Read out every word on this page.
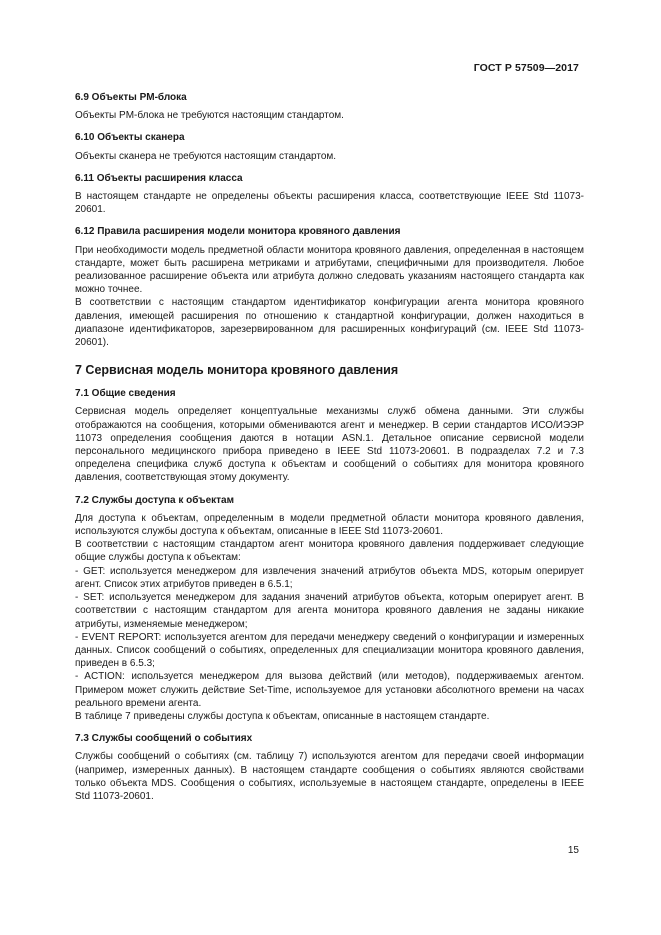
ГОСТ Р 57509—2017
6.9 Объекты PM-блока

Объекты PM-блока не требуются настоящим стандартом.

6.10 Объекты сканера

Объекты сканера не требуются настоящим стандартом.

6.11 Объекты расширения класса

В настоящем стандарте не определены объекты расширения класса, соответствующие IEEE Std 11073-20601.

6.12 Правила расширения модели монитора кровяного давления

При необходимости модель предметной области монитора кровяного давления, определенная в настоящем стандарте, может быть расширена метриками и атрибутами, специфичными для производителя. Любое реализованное расширение объекта или атрибута должно следовать указаниям настоящего стандарта как можно точнее.

В соответствии с настоящим стандартом идентификатор конфигурации агента монитора кровяного давления, имеющей расширения по отношению к стандартной конфигурации, должен находиться в диапазоне идентификаторов, зарезервированном для расширенных конфигураций (см. IEEE Std 11073-20601).

7 Сервисная модель монитора кровяного давления
7.1 Общие сведения

Сервисная модель определяет концептуальные механизмы служб обмена данными. Эти службы отображаются на сообщения, которыми обмениваются агент и менеджер. В серии стандартов ИСО/ИЭЭР 11073 определения сообщения даются в нотации ASN.1. Детальное описание сервисной модели персонального медицинского прибора приведено в IEEE Std 11073-20601. В подразделах 7.2 и 7.3 определена специфика служб доступа к объектам и сообщений о событиях для монитора кровяного давления, соответствующая этому документу.

7.2 Службы доступа к объектам

Для доступа к объектам, определенным в модели предметной области монитора кровяного давления, используются службы доступа к объектам, описанные в IEEE Std 11073-20601.

В соответствии с настоящим стандартом агент монитора кровяного давления поддерживает следующие общие службы доступа к объектам:

- GET: используется менеджером для извлечения значений атрибутов объекта MDS, которым оперирует агент. Список этих атрибутов приведен в 6.5.1;

- SET: используется менеджером для задания значений атрибутов объекта, которым оперирует агент. В соответствии с настоящим стандартом для агента монитора кровяного давления не заданы никакие атрибуты, изменяемые менеджером;

- EVENT REPORT: используется агентом для передачи менеджеру сведений о конфигурации и измеренных данных. Список сообщений о событиях, определенных для специализации монитора кровяного давления, приведен в 6.5.3;

- ACTION: используется менеджером для вызова действий (или методов), поддерживаемых агентом. Примером может служить действие Set-Time, используемое для установки абсолютного времени на часах реального времени агента.

В таблице 7 приведены службы доступа к объектам, описанные в настоящем стандарте.

7.3 Службы сообщений о событиях

Службы сообщений о событиях (см. таблицу 7) используются агентом для передачи своей информации (например, измеренных данных). В настоящем стандарте сообщения о событиях являются свойствами только объекта MDS. Сообщения о событиях, используемые в настоящем стандарте, определены в IEEE Std 11073-20601.

15
